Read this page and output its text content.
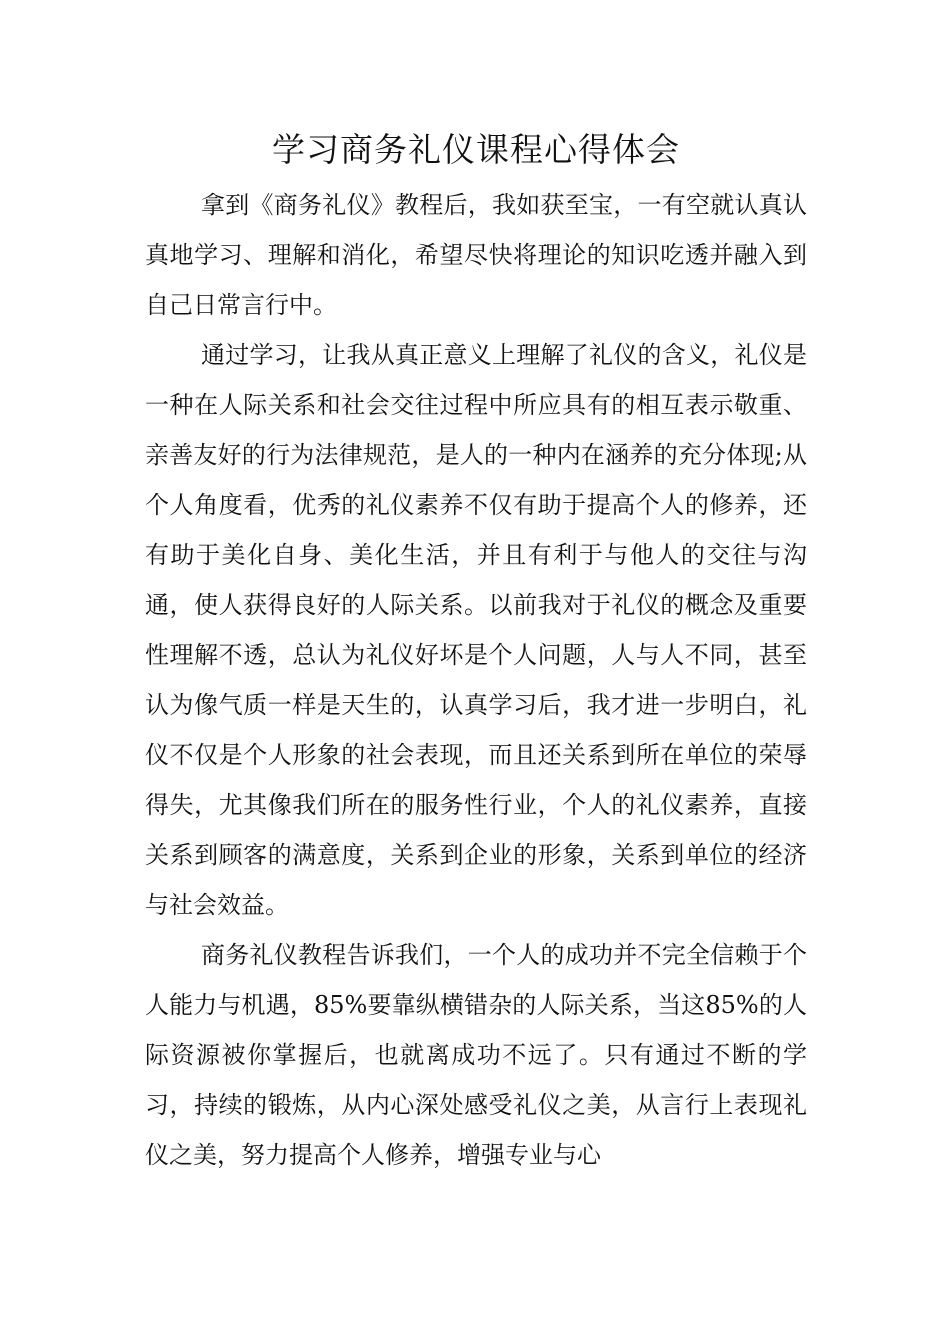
学习商务礼仪课程心得体会

拿到《商务礼仪》教程后，我如获至宝，一有空就认真认真地学习、理解和消化，希望尽快将理论的知识吃透并融入到自己日常言行中。

通过学习，让我从真正意义上理解了礼仪的含义，礼仪是一种在人际关系和社会交往过程中所应具有的相互表示敬重、亲善友好的行为法律规范，是人的一种内在涵养的充分体现;从个人角度看，优秀的礼仪素养不仅有助于提高个人的修养，还有助于美化自身、美化生活，并且有利于与他人的交往与沟通，使人获得良好的人际关系。以前我对于礼仪的概念及重要性理解不透，总认为礼仪好坏是个人问题，人与人不同，甚至认为像气质一样是天生的，认真学习后，我才进一步明白，礼仪不仅是个人形象的社会表现，而且还关系到所在单位的荣辱得失，尤其像我们所在的服务性行业，个人的礼仪素养，直接关系到顾客的满意度，关系到企业的形象，关系到单位的经济与社会效益。

商务礼仪教程告诉我们，一个人的成功并不完全信赖于个人能力与机遇，85%要靠纵横错杂的人际关系，当这85%的人际资源被你掌握后，也就离成功不远了。只有通过不断的学习，持续的锻炼，从内心深处感受礼仪之美，从言行上表现礼仪之美，努力提高个人修养，增强专业与心
